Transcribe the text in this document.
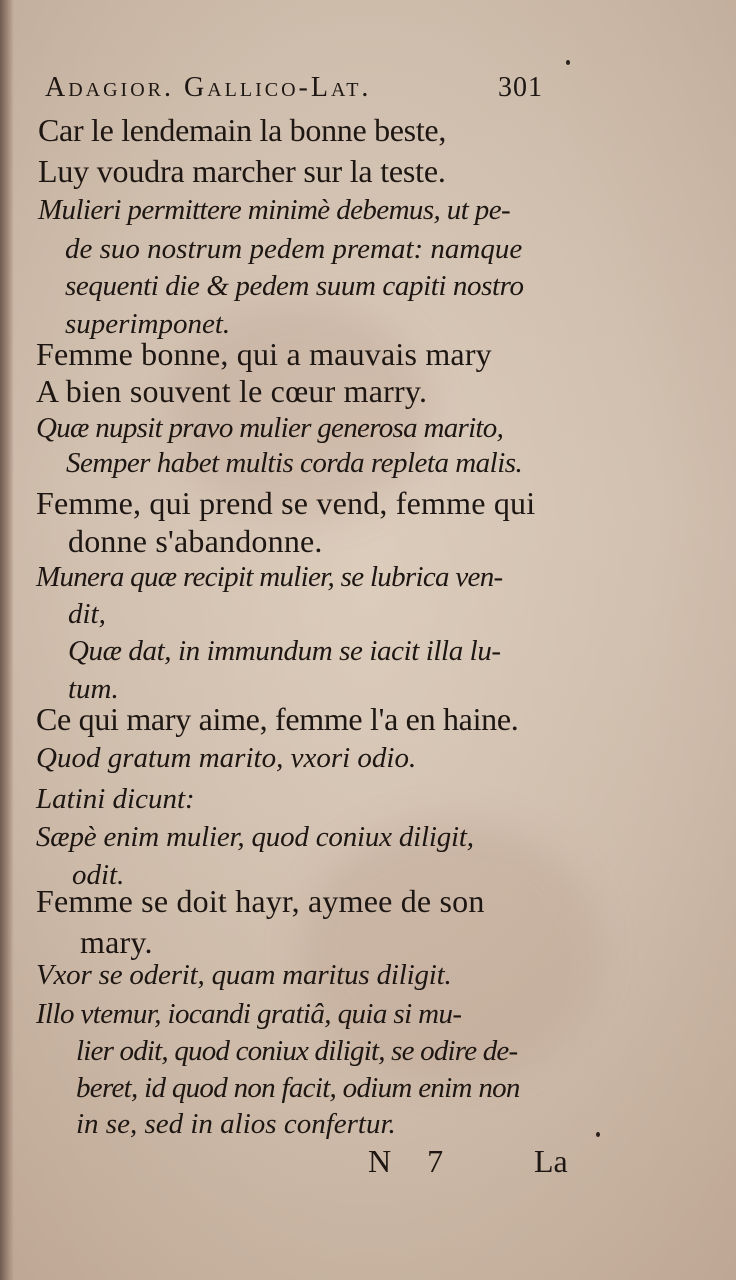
Adagior. Gallico-Lat.	301
Car le lendemain la bonne beste,
Luy voudra marcher sur la teste.
Mulieri permittere minimè debemus, ut pe-
de suo nostrum pedem premat: namque
sequenti die & pedem suum capiti nostro
superimponet.
Femme bonne, qui a mauvais mary
A bien souvent le cœur marry.
Quæ nupsit pravo mulier generosa marito,
Semper habet multis corda repleta malis.
Femme, qui prend se vend, femme qui
donne s'abandonne.
Munera quæ recipit mulier, se lubrica ven-
dit,
Quæ dat, in immundum se iacit illa lu-
tum.
Ce qui mary aime, femme l'a en haine.
Quod gratum marito, vxori odio.
Latini dicunt:
Sæpè enim mulier, quod coniux diligit,
odit.
Femme se doit hayr, aymee de son
mary.
Vxor se oderit, quam maritus diligit.
Illo vtemur, iocandi gratiâ, quia si mu-
lier odit, quod coniux diligit, se odire de-
beret, id quod non facit, odium enim non
in se, sed in alios confertur.
N 7 La
